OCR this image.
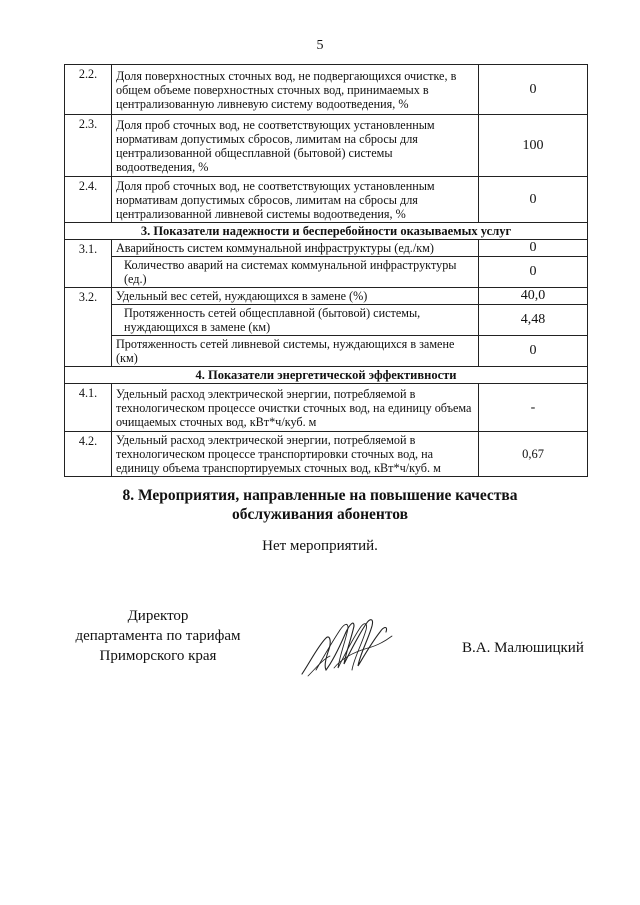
5
2.2.	Доля поверхностных сточных вод, не подвергающихся очистке, в общем объеме поверхностных сточных вод, принимаемых в централизованную ливневую систему водоотведения, %	0
2.3.	Доля проб сточных вод, не соответствующих установленным нормативам допустимых сбросов, лимитам на сбросы для централизованной общесплавной (бытовой) системы водоотведения, %	100
2.4.	Доля проб сточных вод, не соответствующих установленным нормативам допустимых сбросов, лимитам на сбросы для централизованной ливневой системы водоотведения, %	0
3. Показатели надежности и бесперебойности оказываемых услуг		
3.1.	Аварийность систем коммунальной инфраструктуры (ед./км)	0
	Количество аварий на системах коммунальной инфраструктуры (ед.)	0
3.2.	Удельный вес сетей, нуждающихся в замене (%)	40,0
	Протяженность сетей общесплавной (бытовой) системы, нуждающихся в замене (км)	4,48
	Протяженность сетей ливневой системы, нуждающихся в замене (км)	0
4. Показатели энергетической эффективности		
4.1.	Удельный расход электрической энергии, потребляемой в технологическом процессе очистки сточных вод, на единицу объема очищаемых сточных вод, кВт*ч/куб. м	-
4.2.	Удельный расход электрической энергии, потребляемой в технологическом процессе транспортировки сточных вод, на единицу объема транспортируемых сточных вод, кВт*ч/куб. м	0,67
8. Мероприятия, направленные на повышение качества
обслуживания абонентов
Нет мероприятий.
Директор
департамента по тарифам
Приморского края	В.А. Малюшицкий
